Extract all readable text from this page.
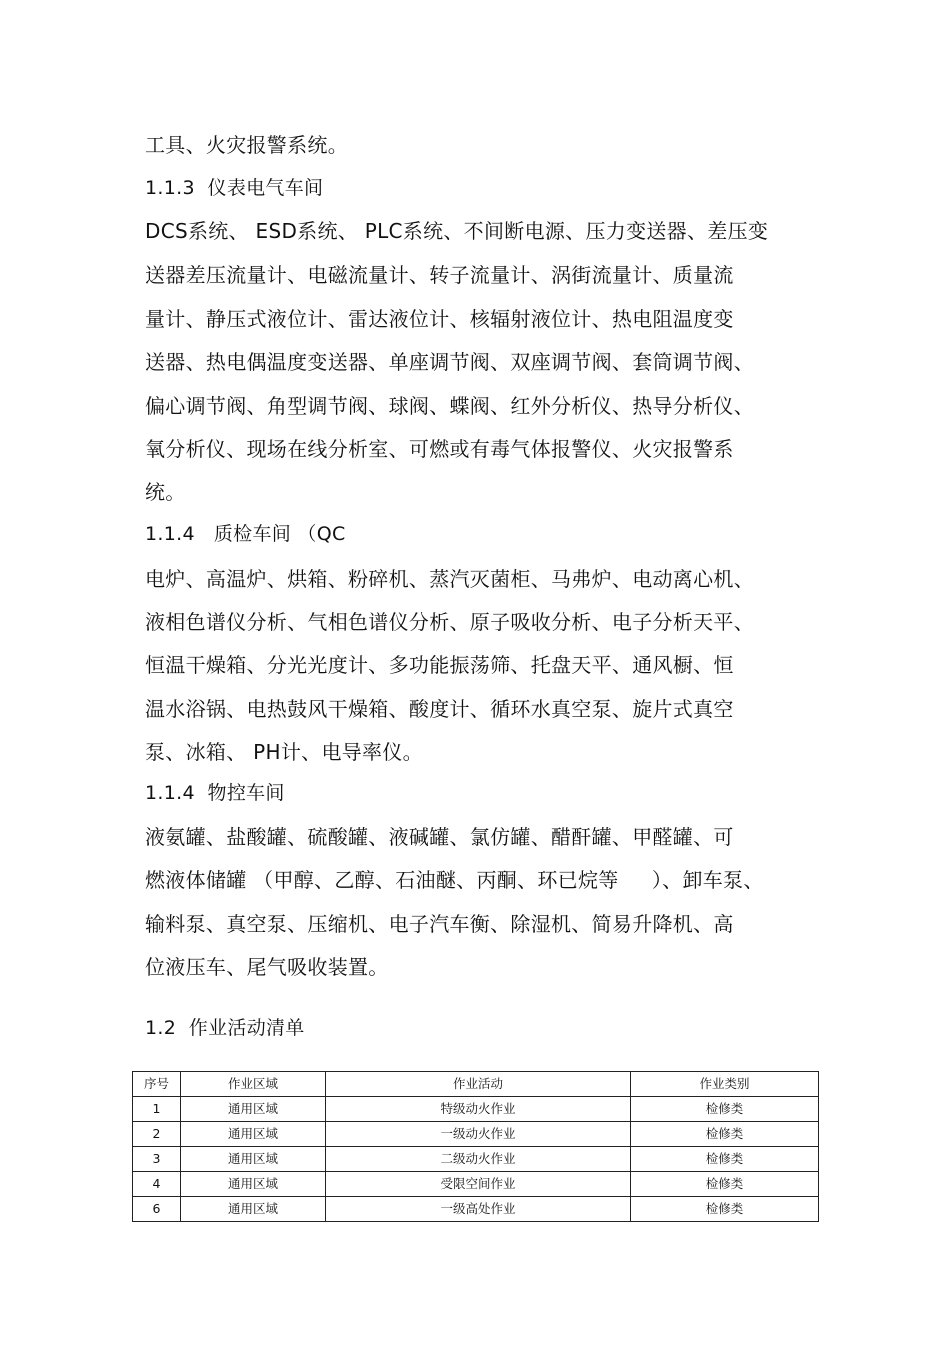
工具、火灾报警系统。
1.1.3  仪表电气车间
DCS系统、 ESD系统、 PLC系统、不间断电源、压力变送器、差压变
送器差压流量计、电磁流量计、转子流量计、涡街流量计、质量流
量计、静压式液位计、雷达液位计、核辐射液位计、热电阻温度变
送器、热电偶温度变送器、单座调节阀、双座调节阀、套筒调节阀、
偏心调节阀、角型调节阀、球阀、蝶阀、红外分析仪、热导分析仪、
氧分析仪、现场在线分析室、可燃或有毒气体报警仪、火灾报警系
统。
1.1.4   质检车间 （QC
电炉、高温炉、烘箱、粉碎机、蒸汽灭菌柜、马弗炉、电动离心机、
液相色谱仪分析、气相色谱仪分析、原子吸收分析、电子分析天平、
恒温干燥箱、分光光度计、多功能振荡筛、托盘天平、通风橱、恒
温水浴锅、电热鼓风干燥箱、酸度计、循环水真空泵、旋片式真空
泵、冰箱、 PH计、电导率仪。
1.1.4  物控车间
液氨罐、盐酸罐、硫酸罐、液碱罐、氯仿罐、醋酐罐、甲醛罐、可
燃液体储罐 （甲醇、乙醇、石油醚、丙酮、环已烷等     ）、卸车泵、
输料泵、真空泵、压缩机、电子汽车衡、除湿机、简易升降机、高
位液压车、尾气吸收装置。
1.2  作业活动清单
序号	作业区域	作业活动	作业类别
1	通用区域	特级动火作业	检修类
2	通用区域	一级动火作业	检修类
3	通用区域	二级动火作业	检修类
4	通用区域	受限空间作业	检修类
6	通用区域	一级高处作业	检修类
